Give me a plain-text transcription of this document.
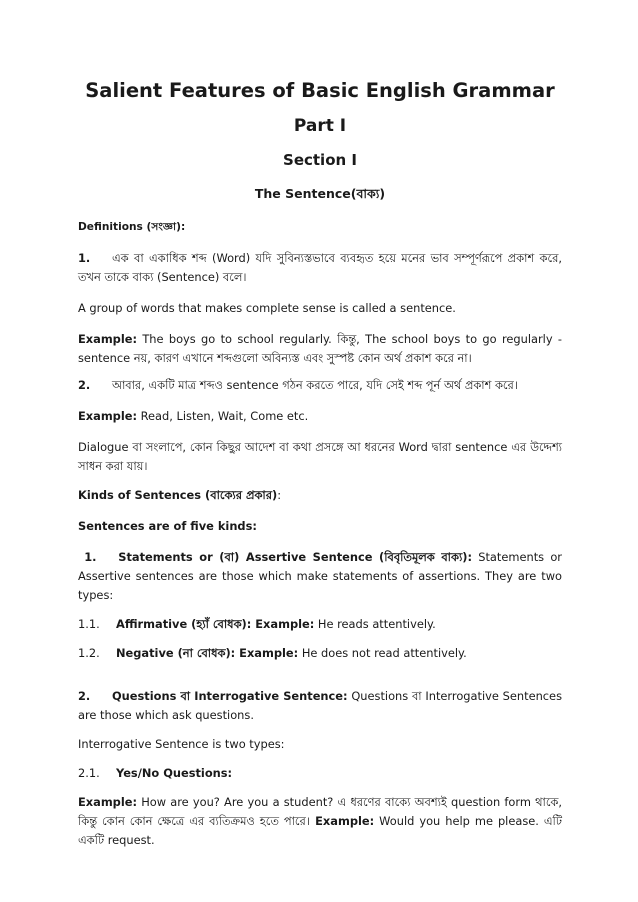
Salient Features of Basic English Grammar
Part I
Section I
The Sentence(বাক্য)

Definitions (সংজ্ঞা):

1. এক বা একাধিক শব্দ (Word) যদি সুবিন্যস্তভাবে ব্যবহৃত হয়ে মনের ভাব সম্পূর্ণরূপে প্রকাশ করে, তখন তাকে বাক্য (Sentence) বলে।

A group of words that makes complete sense is called a sentence.

Example: The boys go to school regularly. কিন্তু, The school boys to go regularly - sentence নয়, কারণ এখানে শব্দগুলো অবিন্যস্ত এবং সুস্পষ্ট কোন অর্থ প্রকাশ করে না।

2. আবার, একটি মাত্র শব্দও sentence গঠন করতে পারে, যদি সেই শব্দ পূর্ন অর্থ প্রকাশ করে।

Example: Read, Listen, Wait, Come etc.

Dialogue বা সংলাপে, কোন কিছুর আদেশ বা কথা প্রসঙ্গে আ ধরনের Word দ্বারা sentence এর উদ্দেশ্য সাধন করা যায়।

Kinds of Sentences (বাক্যের প্রকার):

Sentences are of five kinds:

1. Statements or (বা) Assertive Sentence (বিবৃতিমূলক বাক্য): Statements or Assertive sentences are those which make statements of assertions. They are two types:

1.1. Affirmative (হ্যাঁ বোধক): Example: He reads attentively.

1.2. Negative (না বোধক): Example: He does not read attentively.

2. Questions বা Interrogative Sentence: Questions বা Interrogative Sentences are those which ask questions.

Interrogative Sentence is two types:

2.1. Yes/No Questions:

Example: How are you? Are you a student? এ ধরণের বাক্যে অবশ্যই question form থাকে, কিন্তু কোন কোন ক্ষেত্রে এর ব্যতিক্রমও হতে পারে। Example: Would you help me please. এটি একটি request.
